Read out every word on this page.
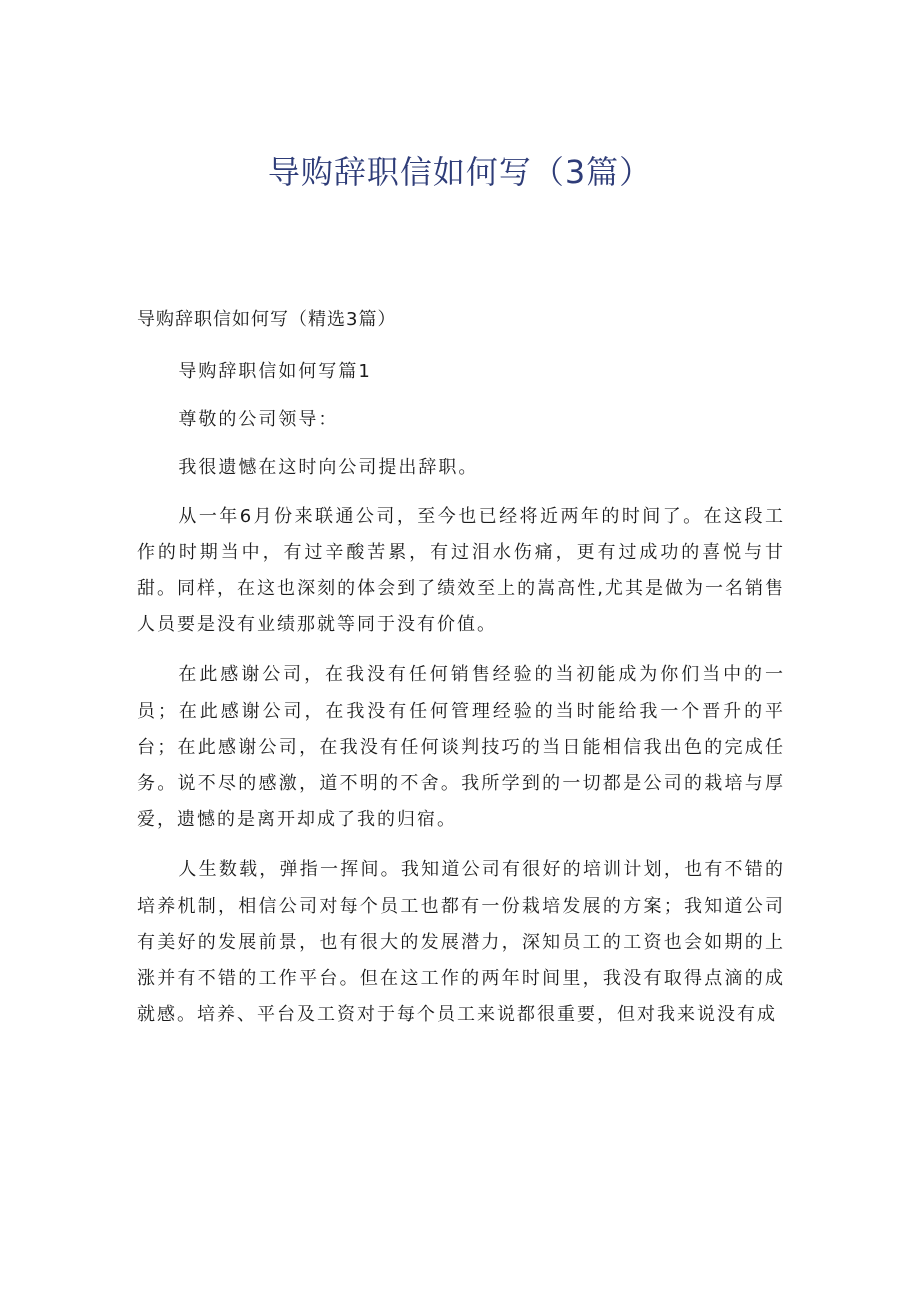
导购辞职信如何写（3篇）

导购辞职信如何写（精选3篇）

导购辞职信如何写篇1

尊敬的公司领导：

我很遗憾在这时向公司提出辞职。

从一年6月份来联通公司，至今也已经将近两年的时间了。在这段工作的时期当中，有过辛酸苦累，有过泪水伤痛，更有过成功的喜悦与甘甜。同样，在这也深刻的体会到了绩效至上的嵩高性,尤其是做为一名销售人员要是没有业绩那就等同于没有价值。

在此感谢公司，在我没有任何销售经验的当初能成为你们当中的一员；在此感谢公司，在我没有任何管理经验的当时能给我一个晋升的平台；在此感谢公司，在我没有任何谈判技巧的当日能相信我出色的完成任务。说不尽的感激，道不明的不舍。我所学到的一切都是公司的栽培与厚爱，遗憾的是离开却成了我的归宿。

人生数载，弹指一挥间。我知道公司有很好的培训计划，也有不错的培养机制，相信公司对每个员工也都有一份栽培发展的方案；我知道公司有美好的发展前景，也有很大的发展潜力，深知员工的工资也会如期的上涨并有不错的工作平台。但在这工作的两年时间里，我没有取得点滴的成就感。培养、平台及工资对于每个员工来说都很重要，但对我来说没有成
